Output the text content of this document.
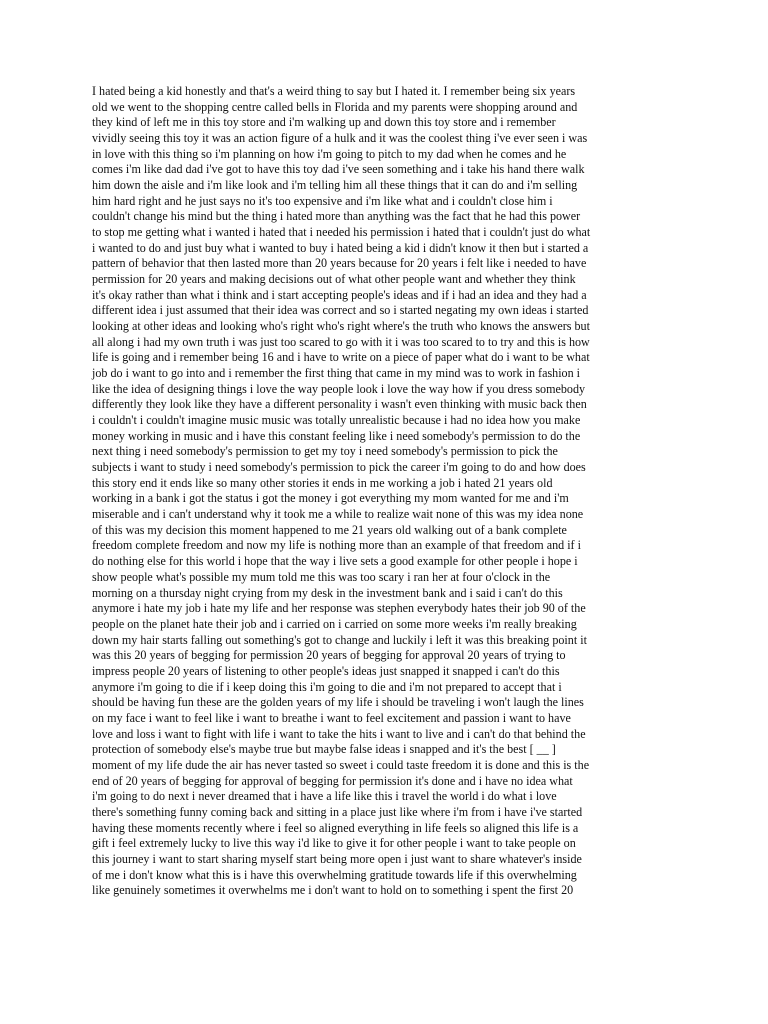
I hated being a kid honestly and that's a weird thing to say but I hated it. I remember being six years
old we went to the shopping centre called bells in Florida and my parents were shopping around and
they kind of left me in this toy store and i'm walking up and down this toy store and i remember
vividly seeing this toy it was an action figure of a hulk and it was the coolest thing i've ever seen i was
in love with this thing so i'm planning on how i'm going to pitch to my dad when he comes and he
comes i'm like dad dad i've got to have this toy dad i've seen something and i take his hand there walk
him down the aisle and i'm like look and i'm telling him all these things that it can do and i'm selling
him hard right and he just says no it's too expensive and i'm like what and i couldn't close him i
couldn't change his mind but the thing i hated more than anything was the fact that he had this power
to stop me getting what i wanted i hated that i needed his permission i hated that i couldn't just do what
i wanted to do and just buy what i wanted to buy i hated being a kid i didn't know it then but i started a
pattern of behavior that then lasted more than 20 years because for 20 years i felt like i needed to have
permission for 20 years and making decisions out of what other people want and whether they think
it's okay rather than what i think and i start accepting people's ideas and if i had an idea and they had a
different idea i just assumed that their idea was correct and so i started negating my own ideas i started
looking at other ideas and looking who's right who's right where's the truth who knows the answers but
all along i had my own truth i was just too scared to go with it i was too scared to to try and this is how
life is going and i remember being 16 and i have to write on a piece of paper what do i want to be what
job do i want to go into and i remember the first thing that came in my mind was to work in fashion i
like the idea of designing things i love the way people look i love the way how if you dress somebody
differently they look like they have a different personality i wasn't even thinking with music back then
i couldn't i couldn't imagine music music was totally unrealistic because i had no idea how you make
money working in music and i have this constant feeling like i need somebody's permission to do the
next thing i need somebody's permission to get my toy i need somebody's permission to pick the
subjects i want to study i need somebody's permission to pick the career i'm going to do and how does
this story end it ends like so many other stories it ends in me working a job i hated 21 years old
working in a bank i got the status i got the money i got everything my mom wanted for me and i'm
miserable and i can't understand why it took me a while to realize wait none of this was my idea none
of this was my decision this moment happened to me 21 years old walking out of a bank complete
freedom complete freedom and now my life is nothing more than an example of that freedom and if i
do nothing else for this world i hope that the way i live sets a good example for other people i hope i
show people what's possible my mum told me this was too scary i ran her at four o'clock in the
morning on a thursday night crying from my desk in the investment bank and i said i can't do this
anymore i hate my job i hate my life and her response was stephen everybody hates their job 90 of the
people on the planet hate their job and i carried on i carried on some more weeks i'm really breaking
down my hair starts falling out something's got to change and luckily i left it was this breaking point it
was this 20 years of begging for permission 20 years of begging for approval 20 years of trying to
impress people 20 years of listening to other people's ideas just snapped it snapped i can't do this
anymore i'm going to die if i keep doing this i'm going to die and i'm not prepared to accept that i
should be having fun these are the golden years of my life i should be traveling i won't laugh the lines
on my face i want to feel like i want to breathe i want to feel excitement and passion i want to have
love and loss i want to fight with life i want to take the hits i want to live and i can't do that behind the
protection of somebody else's maybe true but maybe false ideas i snapped and it's the best [ __ ]
moment of my life dude the air has never tasted so sweet i could taste freedom it is done and this is the
end of 20 years of begging for approval of begging for permission it's done and i have no idea what
i'm going to do next i never dreamed that i have a life like this i travel the world i do what i love
there's something funny coming back and sitting in a place just like where i'm from i have i've started
having these moments recently where i feel so aligned everything in life feels so aligned this life is a
gift i feel extremely lucky to live this way i'd like to give it for other people i want to take people on
this journey i want to start sharing myself start being more open i just want to share whatever's inside
of me i don't know what this is i have this overwhelming gratitude towards life if this overwhelming
like genuinely sometimes it overwhelms me i don't want to hold on to something i spent the first 20
